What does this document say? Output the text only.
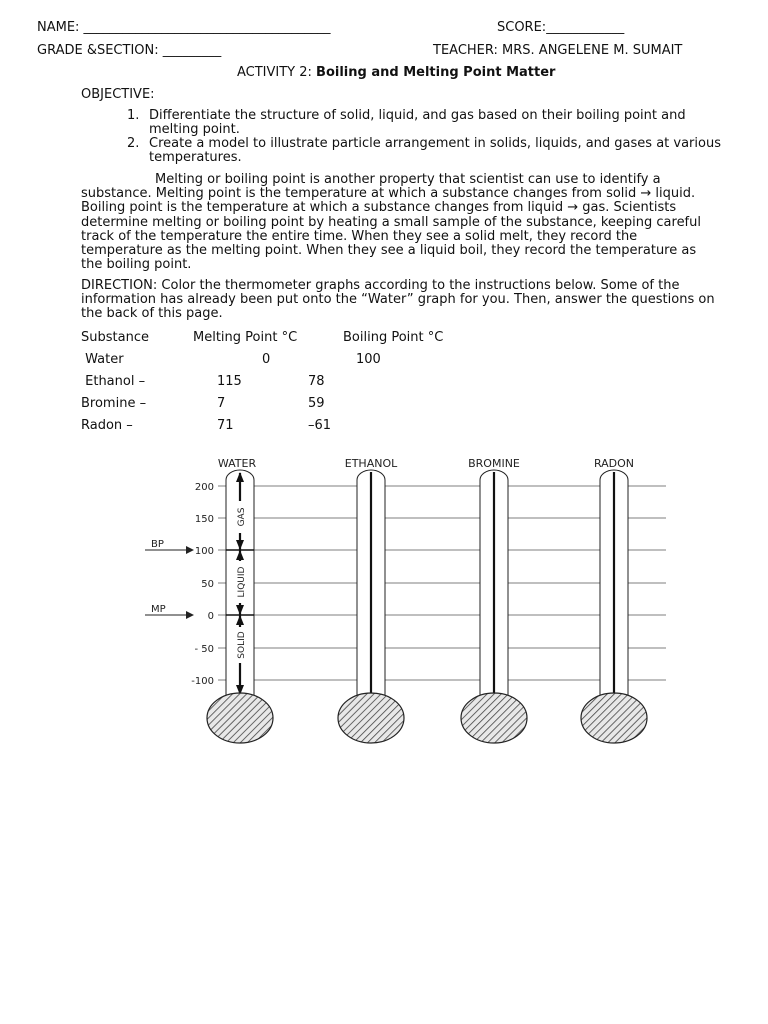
NAME: ______________________________________	SCORE:____________
GRADE &SECTION: _________	TEACHER: MRS. ANGELENE M. SUMAIT
ACTIVITY 2: Boiling and Melting Point Matter
OBJECTIVE:
1. Differentiate the structure of solid, liquid, and gas based on their boiling point and melting point.
2. Create a model to illustrate particle arrangement in solids, liquids, and gases at various temperatures.
Melting or boiling point is another property that scientist can use to identify a substance. Melting point is the temperature at which a substance changes from solid → liquid. Boiling point is the temperature at which a substance changes from liquid → gas. Scientists determine melting or boiling point by heating a small sample of the substance, keeping careful track of the temperature the entire time. When they see a solid melt, they record the temperature as the melting point. When they see a liquid boil, they record the temperature as the boiling point.
DIRECTION: Color the thermometer graphs according to the instructions below. Some of the information has already been put onto the “Water” graph for you. Then, answer the questions on the back of this page.
Substance	Melting Point °C	Boiling Point °C
Water	0	100
Ethanol –	115	78
Bromine –	7	59
Radon –	71	–61
200
150
100
50
0
- 50
-100
BP
MP
WATER	ETHANOL	BROMINE	RADON
GAS
LIQUID
SOLID
